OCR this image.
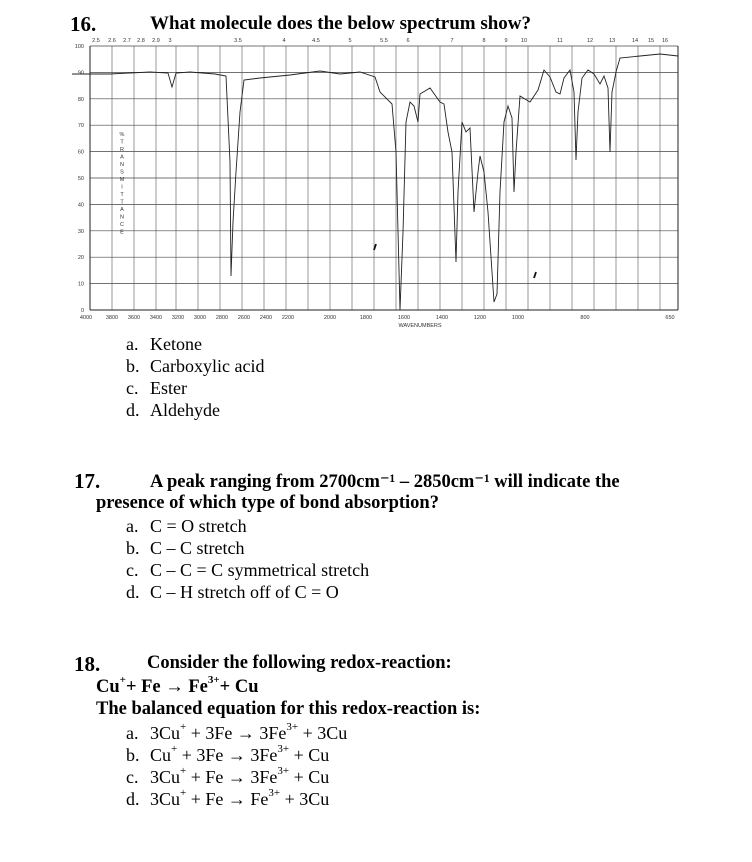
16.	What molecule does the below spectrum show?
100
90
80
70
60
50
40
30
20
10
0
4000	3800 3600 3400 3200 3000 2800 2600 2400 2200	2000	1800	1600	1400	1200	1000	800	650
2.5 2.6 2.7 2.8 2.9 3	3.5	4	4.5	5	5.5	6	7	8	9 10	11	12	13	14 15 16
WAVENUMBERS
%
T
R
A
N
S
M
I
T
T
A
N
C
E
a. Ketone
b. Carboxylic acid
c. Ester
d. Aldehyde
17.	A peak ranging from 2700cm⁻¹ – 2850cm⁻¹ will indicate the
presence of which type of bond absorption?
a. C = O stretch
b. C – C stretch
c. C – C = C symmetrical stretch
d. C – H stretch off of C = O
18.	Consider the following redox-reaction:
$Cu^++ Fe \to Fe^{3+}+ Cu$
The balanced equation for this redox-reaction is:
a. $3Cu^+ + 3Fe \to 3Fe^{3+} + 3Cu$
b. $Cu^+ + 3Fe \to 3Fe^{3+} + Cu$
c. $3Cu^+ + Fe \to 3Fe^{3+} + Cu$
d. $3Cu^+ + Fe \to Fe^{3+} + 3Cu$
